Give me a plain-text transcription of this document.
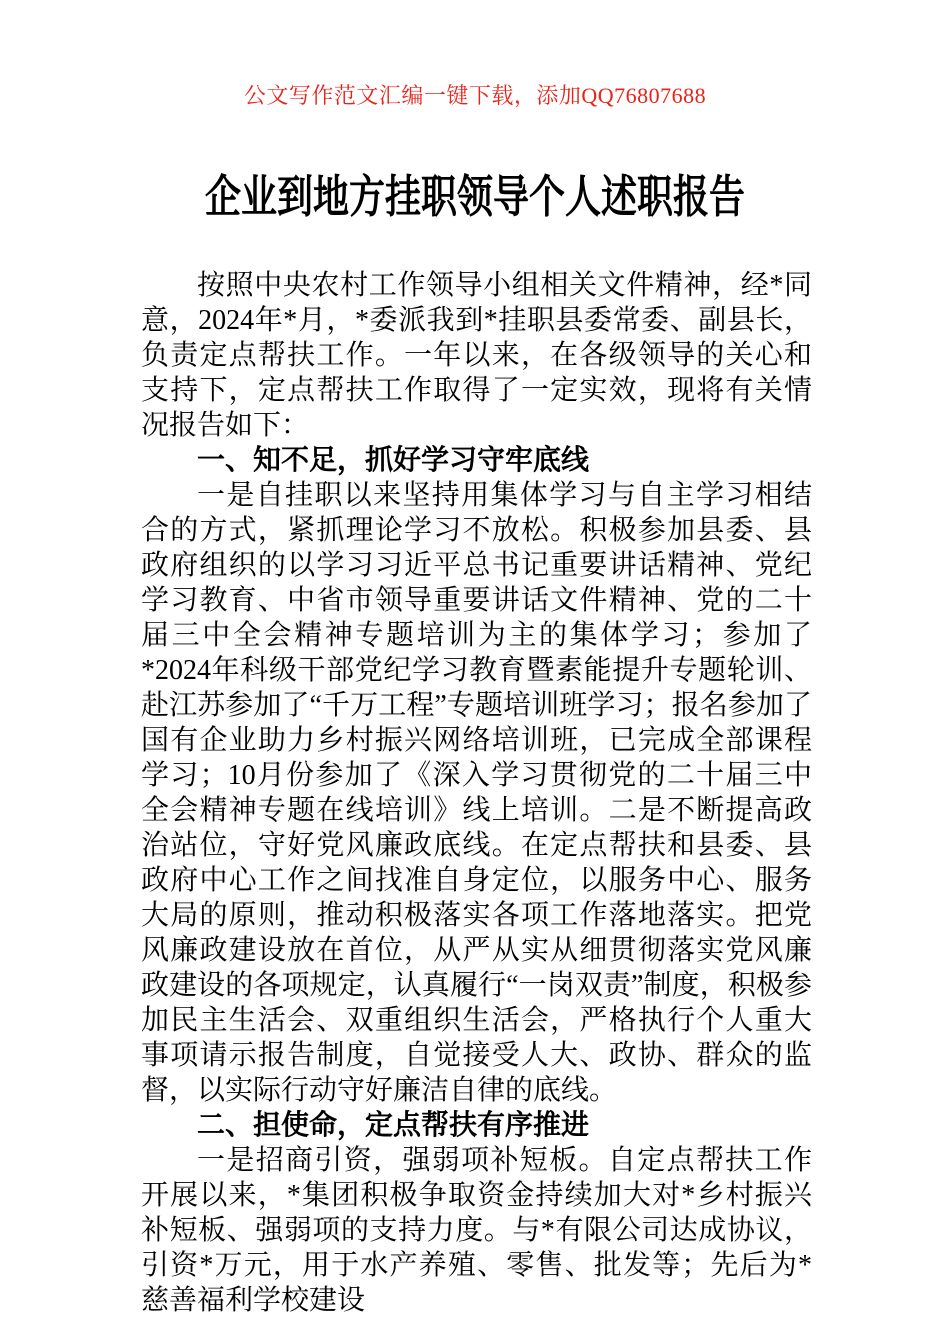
公文写作范文汇编一键下载，添加QQ76807688
企业到地方挂职领导个人述职报告

按照中央农村工作领导小组相关文件精神，经*同意，2024年*月，*委派我到*挂职县委常委、副县长，负责定点帮扶工作。一年以来，在各级领导的关心和支持下，定点帮扶工作取得了一定实效，现将有关情况报告如下：

一、知不足，抓好学习守牢底线

一是自挂职以来坚持用集体学习与自主学习相结合的方式，紧抓理论学习不放松。积极参加县委、县政府组织的以学习习近平总书记重要讲话精神、党纪学习教育、中省市领导重要讲话文件精神、党的二十届三中全会精神专题培训为主的集体学习；参加了*2024年科级干部党纪学习教育暨素能提升专题轮训、赴江苏参加了“千万工程”专题培训班学习；报名参加了国有企业助力乡村振兴网络培训班，已完成全部课程学习；10月份参加了《深入学习贯彻党的二十届三中全会精神专题在线培训》线上培训。二是不断提高政治站位，守好党风廉政底线。在定点帮扶和县委、县政府中心工作之间找准自身定位，以服务中心、服务大局的原则，推动积极落实各项工作落地落实。把党风廉政建设放在首位，从严从实从细贯彻落实党风廉政建设的各项规定，认真履行“一岗双责”制度，积极参加民主生活会、双重组织生活会，严格执行个人重大事项请示报告制度，自觉接受人大、政协、群众的监督，以实际行动守好廉洁自律的底线。

二、担使命，定点帮扶有序推进

一是招商引资，强弱项补短板。自定点帮扶工作开展以来，*集团积极争取资金持续加大对*乡村振兴补短板、强弱项的支持力度。与*有限公司达成协议，引资*万元，用于水产养殖、零售、批发等；先后为*慈善福利学校建设
